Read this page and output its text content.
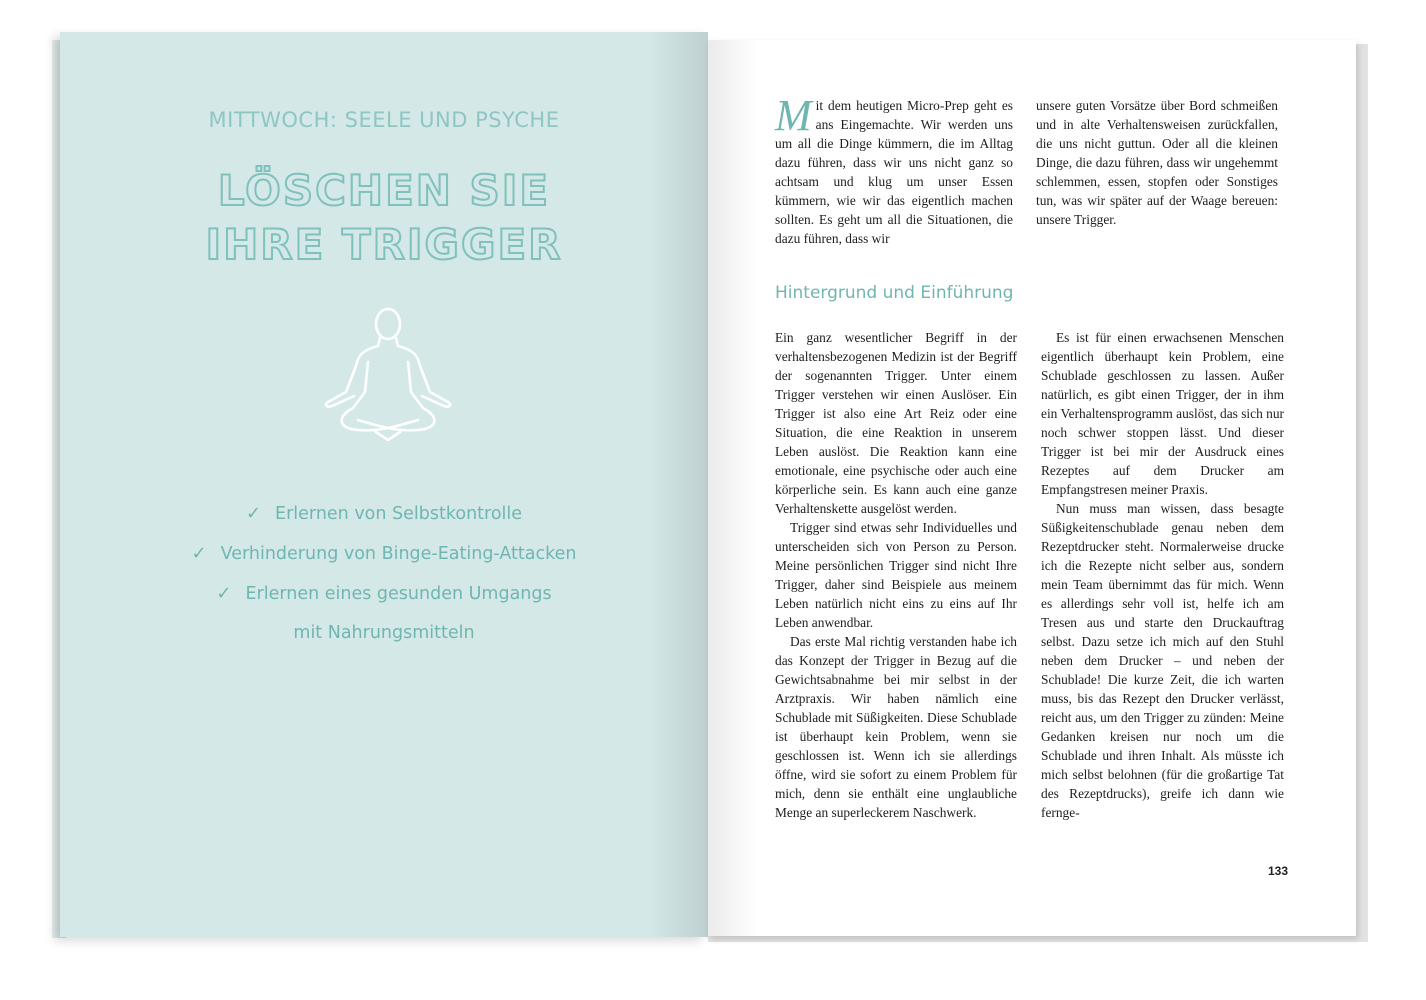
MITTWOCH: SEELE UND PSYCHE
LÖSCHEN SIE
IHRE TRIGGER
✓ Erlernen von Selbstkontrolle
✓ Verhinderung von Binge-Eating-Attacken
✓ Erlernen eines gesunden Umgangs
mit Nahrungsmitteln

Mit dem heutigen Micro-Prep geht es ans Eingemachte. Wir werden uns um all die Dinge kümmern, die im Alltag dazu führen, dass wir uns nicht ganz so achtsam und klug um unser Essen kümmern, wie wir das eigentlich machen sollten. Es geht um all die Situationen, die dazu führen, dass wir

unsere guten Vorsätze über Bord schmeißen und in alte Verhaltensweisen zurückfallen, die uns nicht guttun. Oder all die kleinen Dinge, die dazu führen, dass wir ungehemmt schlemmen, essen, stopfen oder Sonstiges tun, was wir später auf der Waage bereuen: unsere Trigger.

Hintergrund und Einführung

Ein ganz wesentlicher Begriff in der verhaltensbezogenen Medizin ist der Begriff der sogenannten Trigger. Unter einem Trigger verstehen wir einen Auslöser. Ein Trigger ist also eine Art Reiz oder eine Situation, die eine Reaktion in unserem Leben auslöst. Die Reaktion kann eine emotionale, eine psychische oder auch eine körperliche sein. Es kann auch eine ganze Verhaltenskette ausgelöst werden.

Trigger sind etwas sehr Individuelles und unterscheiden sich von Person zu Person. Meine persönlichen Trigger sind nicht Ihre Trigger, daher sind Beispiele aus meinem Leben natürlich nicht eins zu eins auf Ihr Leben anwendbar.

Das erste Mal richtig verstanden habe ich das Konzept der Trigger in Bezug auf die Gewichtsabnahme bei mir selbst in der Arztpraxis. Wir haben nämlich eine Schublade mit Süßigkeiten. Diese Schublade ist überhaupt kein Problem, wenn sie geschlossen ist. Wenn ich sie allerdings öffne, wird sie sofort zu einem Problem für mich, denn sie enthält eine unglaubliche Menge an superleckerem Naschwerk.

Es ist für einen erwachsenen Menschen eigentlich überhaupt kein Problem, eine Schublade geschlossen zu lassen. Außer natürlich, es gibt einen Trigger, der in ihm ein Verhaltensprogramm auslöst, das sich nur noch schwer stoppen lässt. Und dieser Trigger ist bei mir der Ausdruck eines Rezeptes auf dem Drucker am Empfangstresen meiner Praxis.

Nun muss man wissen, dass besagte Süßigkeitenschublade genau neben dem Rezeptdrucker steht. Normalerweise drucke ich die Rezepte nicht selber aus, sondern mein Team übernimmt das für mich. Wenn es allerdings sehr voll ist, helfe ich am Tresen aus und starte den Druckauftrag selbst. Dazu setze ich mich auf den Stuhl neben dem Drucker – und neben der Schublade! Die kurze Zeit, die ich warten muss, bis das Rezept den Drucker verlässt, reicht aus, um den Trigger zu zünden: Meine Gedanken kreisen nur noch um die Schublade und ihren Inhalt. Als müsste ich mich selbst belohnen (für die großartige Tat des Rezeptdrucks), greife ich dann wie fernge-

133
